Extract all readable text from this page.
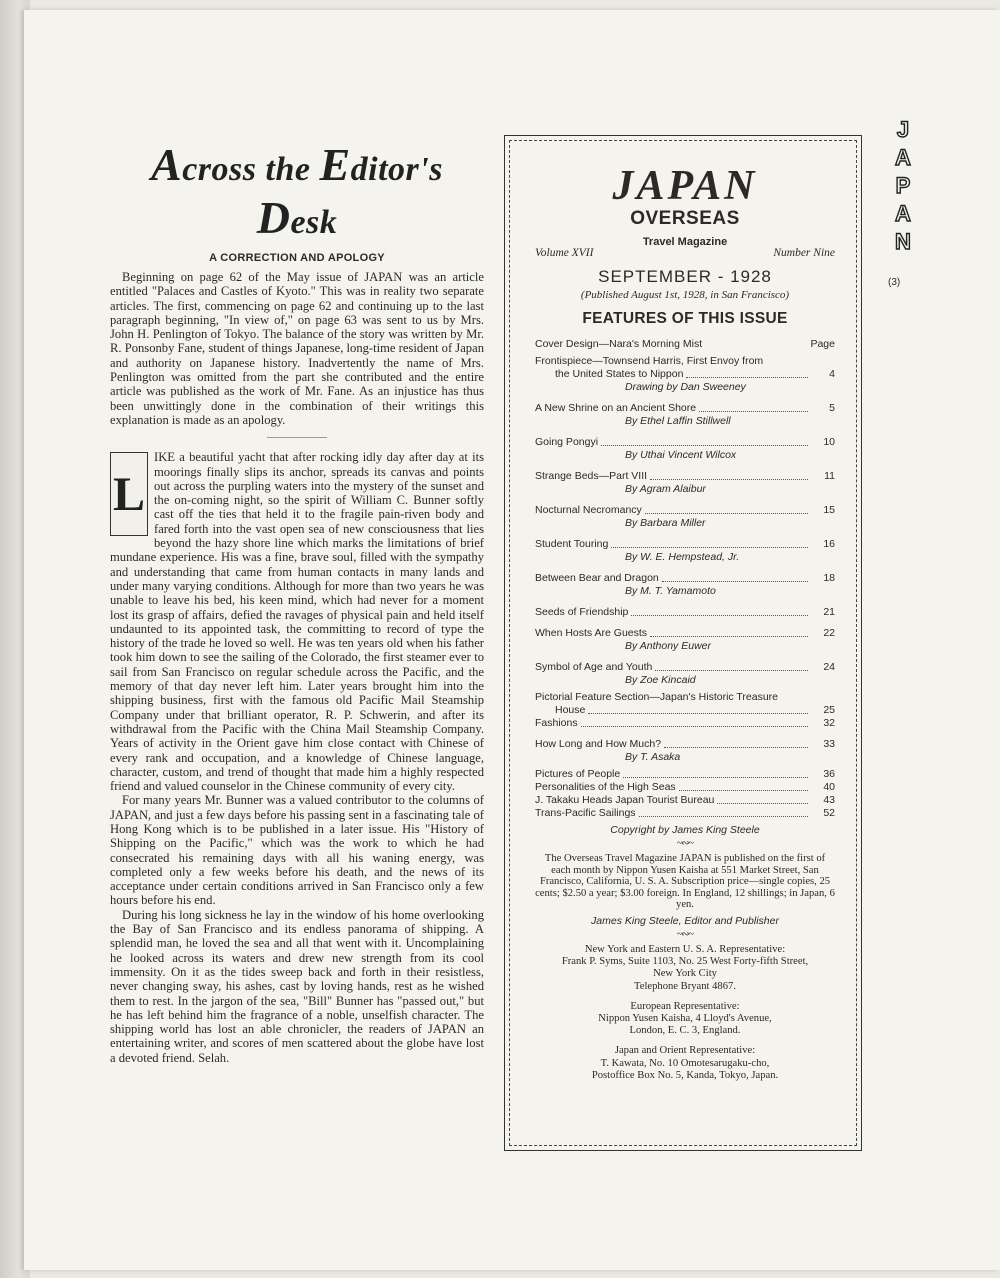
Across the Editor's Desk

A CORRECTION AND APOLOGY

Beginning on page 62 of the May issue of JAPAN was an article entitled "Palaces and Castles of Kyoto." This was in reality two separate articles. The first, commencing on page 62 and continuing up to the last paragraph beginning, "In view of," on page 63 was sent to us by Mrs. John H. Penlington of Tokyo. The balance of the story was written by Mr. R. Ponsonby Fane, student of things Japanese, long-time resident of Japan and authority on Japanese history. Inadvertently the name of Mrs. Penlington was omitted from the part she contributed and the entire article was published as the work of Mr. Fane. As an injustice has thus been unwittingly done in the combination of their writings this explanation is made as an apology.

L

IKE a beautiful yacht that after rocking idly day after day at its moorings finally slips its anchor, spreads its canvas and points out across the purpling waters into the mystery of the sunset and the on-coming night, so the spirit of William C. Bunner softly cast off the ties that held it to the fragile pain-riven body and fared forth into the vast open sea of new consciousness that lies beyond the hazy shore line which marks the limitations of brief mundane experience. His was a fine, brave soul, filled with the sympathy and understanding that came from human contacts in many lands and under many varying conditions. Although for more than two years he was unable to leave his bed, his keen mind, which had never for a moment lost its grasp of affairs, defied the ravages of physical pain and held itself undaunted to its appointed task, the committing to record of type the history of the trade he loved so well. He was ten years old when his father took him down to see the sailing of the Colorado, the first steamer ever to sail from San Francisco on regular schedule across the Pacific, and the memory of that day never left him. Later years brought him into the shipping business, first with the famous old Pacific Mail Steamship Company under that brilliant operator, R. P. Schwerin, and after its withdrawal from the Pacific with the China Mail Steamship Company. Years of activity in the Orient gave him close contact with Chinese of every rank and occupation, and a knowledge of Chinese language, character, custom, and trend of thought that made him a highly respected friend and valued counselor in the Chinese community of every city.

For many years Mr. Bunner was a valued contributor to the columns of JAPAN, and just a few days before his passing sent in a fascinating tale of Hong Kong which is to be published in a later issue. His "History of Shipping on the Pacific," which was the work to which he had consecrated his remaining days with all his waning energy, was completed only a few weeks before his death, and the news of its acceptance under certain conditions arrived in San Francisco only a few hours before his end.

During his long sickness he lay in the window of his home overlooking the Bay of San Francisco and its endless panorama of shipping. A splendid man, he loved the sea and all that went with it. Uncomplaining he looked across its waters and drew new strength from its cool immensity. On it as the tides sweep back and forth in their resistless, never changing sway, his ashes, cast by loving hands, rest as he wished them to rest. In the jargon of the sea, "Bill" Bunner has "passed out," but he has left behind him the fragrance of a noble, unselfish character. The shipping world has lost an able chronicler, the readers of JAPAN an entertaining writer, and scores of men scattered about the globe have lost a devoted friend. Selah.

JAPAN

OVERSEAS

Travel Magazine

Volume XVII	Number Nine

SEPTEMBER - 1928

(Published August 1st, 1928, in San Francisco)

FEATURES OF THIS ISSUE

Cover Design—Nara's Morning Mist	Page
Frontispiece—Townsend Harris, First Envoy from
the United States to Nippon	4
Drawing by Dan Sweeney
A New Shrine on an Ancient Shore	5
By Ethel Laffin Stillwell
Going Pongyi	10
By Uthai Vincent Wilcox
Strange Beds—Part VIII	11
By Agram Alaibur
Nocturnal Necromancy	15
By Barbara Miller
Student Touring	16
By W. E. Hempstead, Jr.
Between Bear and Dragon	18
By M. T. Yamamoto
Seeds of Friendship	21
When Hosts Are Guests	22
By Anthony Euwer
Symbol of Age and Youth	24
By Zoe Kincaid
Pictorial Feature Section—Japan's Historic Treasure
House	25
Fashions	32
How Long and How Much?	33
By T. Asaka
Pictures of People	36
Personalities of the High Seas	40
J. Takaku Heads Japan Tourist Bureau	43
Trans-Pacific Sailings	52

Copyright by James King Steele

~∾~

The Overseas Travel Magazine JAPAN is published on the first of each month by Nippon Yusen Kaisha at 551 Market Street, San Francisco, California, U. S. A. Subscription price—single copies, 25 cents; $2.50 a year; $3.00 foreign. In England, 12 shillings; in Japan, 6 yen.

James King Steele, Editor and Publisher

~∾~

New York and Eastern U. S. A. Representative:

Frank P. Syms, Suite 1103, No. 25 West Forty-fifth Street,

New York City

Telephone Bryant 4867.

European Representative:

Nippon Yusen Kaisha, 4 Lloyd's Avenue,

London, E. C. 3, England.

Japan and Orient Representative:

T. Kawata, No. 10 Omotesarugaku-cho,

Postoffice Box No. 5, Kanda, Tokyo, Japan.

J
A
P
A
N
(3)
